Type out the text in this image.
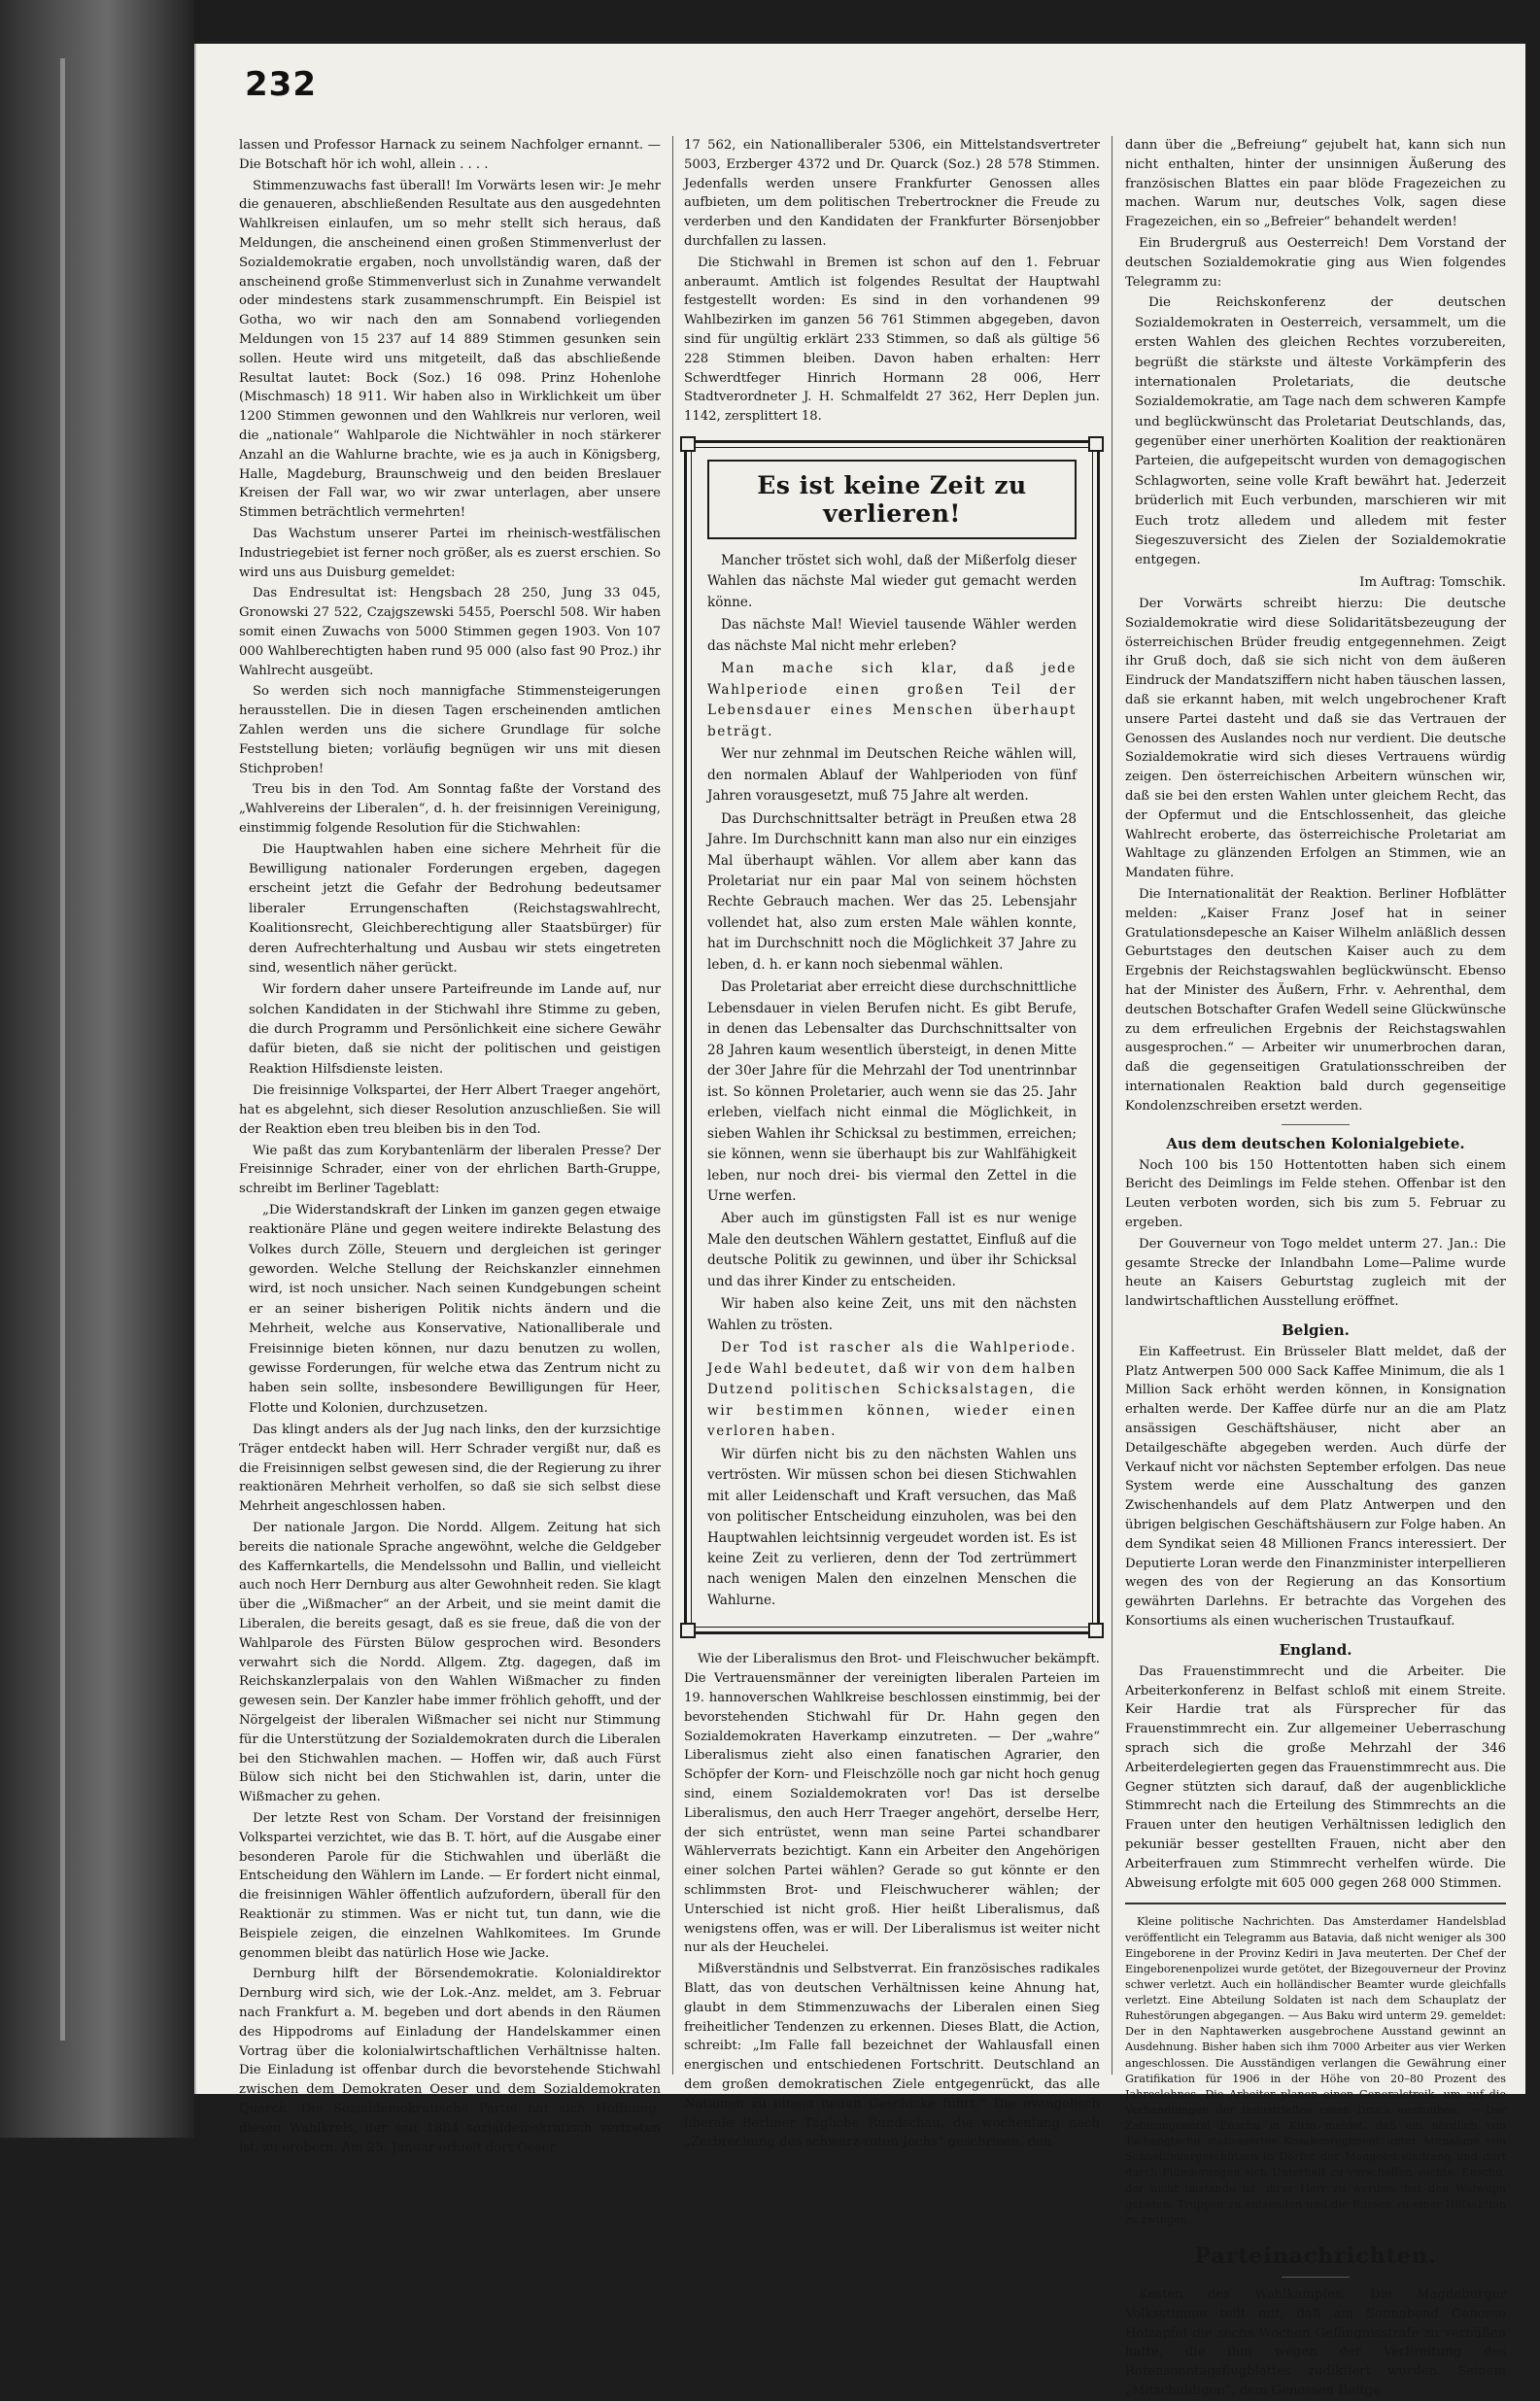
232

lassen und Professor Harnack zu seinem Nachfolger ernannt. — Die Botschaft hör ich wohl, allein . . . .

Stimmenzuwachs fast überall! Im Vorwärts lesen wir: Je mehr die genaueren, abschließenden Resultate aus den ausgedehnten Wahlkreisen einlaufen, um so mehr stellt sich heraus, daß Meldungen, die anscheinend einen großen Stimmenverlust der Sozialdemokratie ergaben, noch unvollständig waren, daß der anscheinend große Stimmenverlust sich in Zunahme verwandelt oder mindestens stark zusammenschrumpft. Ein Beispiel ist Gotha, wo wir nach den am Sonnabend vorliegenden Meldungen von 15 237 auf 14 889 Stimmen gesunken sein sollen. Heute wird uns mitgeteilt, daß das abschließende Resultat lautet: Bock (Soz.) 16 098. Prinz Hohenlohe (Mischmasch) 18 911. Wir haben also in Wirklichkeit um über 1200 Stimmen gewonnen und den Wahlkreis nur verloren, weil die „nationale“ Wahlparole die Nichtwähler in noch stärkerer Anzahl an die Wahlurne brachte, wie es ja auch in Königsberg, Halle, Magdeburg, Braunschweig und den beiden Breslauer Kreisen der Fall war, wo wir zwar unterlagen, aber unsere Stimmen beträchtlich vermehrten!

Das Wachstum unserer Partei im rheinisch-westfälischen Industriegebiet ist ferner noch größer, als es zuerst erschien. So wird uns aus Duisburg gemeldet:

Das Endresultat ist: Hengsbach 28 250, Jung 33 045, Gronowski 27 522, Czajgszewski 5455, Poerschl 508. Wir haben somit einen Zuwachs von 5000 Stimmen gegen 1903. Von 107 000 Wahlberechtigten haben rund 95 000 (also fast 90 Proz.) ihr Wahlrecht ausgeübt.

So werden sich noch mannigfache Stimmensteigerungen herausstellen. Die in diesen Tagen erscheinenden amtlichen Zahlen werden uns die sichere Grundlage für solche Feststellung bieten; vorläufig begnügen wir uns mit diesen Stichproben!

Treu bis in den Tod. Am Sonntag faßte der Vorstand des „Wahlvereins der Liberalen“, d. h. der freisinnigen Vereinigung, einstimmig folgende Resolution für die Stichwahlen:

Die Hauptwahlen haben eine sichere Mehrheit für die Bewilligung nationaler Forderungen ergeben, dagegen erscheint jetzt die Gefahr der Bedrohung bedeutsamer liberaler Errungenschaften (Reichstagswahlrecht, Koalitionsrecht, Gleichberechtigung aller Staatsbürger) für deren Aufrechterhaltung und Ausbau wir stets eingetreten sind, wesentlich näher gerückt.

Wir fordern daher unsere Parteifreunde im Lande auf, nur solchen Kandidaten in der Stichwahl ihre Stimme zu geben, die durch Programm und Persönlichkeit eine sichere Gewähr dafür bieten, daß sie nicht der politischen und geistigen Reaktion Hilfsdienste leisten.

Die freisinnige Volkspartei, der Herr Albert Traeger angehört, hat es abgelehnt, sich dieser Resolution anzuschließen. Sie will der Reaktion eben treu bleiben bis in den Tod.

Wie paßt das zum Korybantenlärm der liberalen Presse? Der Freisinnige Schrader, einer von der ehrlichen Barth-Gruppe, schreibt im Berliner Tageblatt:

„Die Widerstandskraft der Linken im ganzen gegen etwaige reaktionäre Pläne und gegen weitere indirekte Belastung des Volkes durch Zölle, Steuern und dergleichen ist geringer geworden. Welche Stellung der Reichskanzler einnehmen wird, ist noch unsicher. Nach seinen Kundgebungen scheint er an seiner bisherigen Politik nichts ändern und die Mehrheit, welche aus Konservative, Nationalliberale und Freisinnige bieten können, nur dazu benutzen zu wollen, gewisse Forderungen, für welche etwa das Zentrum nicht zu haben sein sollte, insbesondere Bewilligungen für Heer, Flotte und Kolonien, durchzusetzen.

Das klingt anders als der Jug nach links, den der kurzsichtige Träger entdeckt haben will. Herr Schrader vergißt nur, daß es die Freisinnigen selbst gewesen sind, die der Regierung zu ihrer reaktionären Mehrheit verholfen, so daß sie sich selbst diese Mehrheit angeschlossen haben.

Der nationale Jargon. Die Nordd. Allgem. Zeitung hat sich bereits die nationale Sprache angewöhnt, welche die Geldgeber des Kaffernkartells, die Mendelssohn und Ballin, und vielleicht auch noch Herr Dernburg aus alter Gewohnheit reden. Sie klagt über die „Wißmacher“ an der Arbeit, und sie meint damit die Liberalen, die bereits gesagt, daß es sie freue, daß die von der Wahlparole des Fürsten Bülow gesprochen wird. Besonders verwahrt sich die Nordd. Allgem. Ztg. dagegen, daß im Reichskanzlerpalais von den Wahlen Wißmacher zu finden gewesen sein. Der Kanzler habe immer fröhlich gehofft, und der Nörgelgeist der liberalen Wißmacher sei nicht nur Stimmung für die Unterstützung der Sozialdemokraten durch die Liberalen bei den Stichwahlen machen. — Hoffen wir, daß auch Fürst Bülow sich nicht bei den Stichwahlen ist, darin, unter die Wißmacher zu gehen.

Der letzte Rest von Scham. Der Vorstand der freisinnigen Volkspartei verzichtet, wie das B. T. hört, auf die Ausgabe einer besonderen Parole für die Stichwahlen und überläßt die Entscheidung den Wählern im Lande. — Er fordert nicht einmal, die freisinnigen Wähler öffentlich aufzufordern, überall für den Reaktionär zu stimmen. Was er nicht tut, tun dann, wie die Beispiele zeigen, die einzelnen Wahlkomitees. Im Grunde genommen bleibt das natürlich Hose wie Jacke.

Dernburg hilft der Börsendemokratie. Kolonialdirektor Dernburg wird sich, wie der Lok.-Anz. meldet, am 3. Februar nach Frankfurt a. M. begeben und dort abends in den Räumen des Hippodroms auf Einladung der Handelskammer einen Vortrag über die kolonialwirtschaftlichen Verhältnisse halten. Die Einladung ist offenbar durch die bevorstehende Stichwahl zwischen dem Demokraten Oeser und dem Sozialdemokraten Quarck. Die Sozialdemokratische Partei hat sich Hoffnung, diesen Wahlkreis, der seit 1884 sozialdemokratisch vertreten ist, zu erobern. Am 25. Januar erhielt dort Oeser

17 562, ein Nationalliberaler 5306, ein Mittelstandsvertreter 5003, Erzberger 4372 und Dr. Quarck (Soz.) 28 578 Stimmen. Jedenfalls werden unsere Frankfurter Genossen alles aufbieten, um dem politischen Trebertrockner die Freude zu verderben und den Kandidaten der Frankfurter Börsenjobber durchfallen zu lassen.

Die Stichwahl in Bremen ist schon auf den 1. Februar anberaumt. Amtlich ist folgendes Resultat der Hauptwahl festgestellt worden: Es sind in den vorhandenen 99 Wahlbezirken im ganzen 56 761 Stimmen abgegeben, davon sind für ungültig erklärt 233 Stimmen, so daß als gültige 56 228 Stimmen bleiben. Davon haben erhalten: Herr Schwerdtfeger Hinrich Hormann 28 006, Herr Stadtverordneter J. H. Schmalfeldt 27 362, Herr Deplen jun. 1142, zersplittert 18.

Es ist keine Zeit zu verlieren!

Mancher tröstet sich wohl, daß der Mißerfolg dieser Wahlen das nächste Mal wieder gut gemacht werden könne.

Das nächste Mal! Wieviel tausende Wähler werden das nächste Mal nicht mehr erleben?

Man mache sich klar, daß jede Wahlperiode einen großen Teil der Lebensdauer eines Menschen überhaupt beträgt.

Wer nur zehnmal im Deutschen Reiche wählen will, den normalen Ablauf der Wahlperioden von fünf Jahren vorausgesetzt, muß 75 Jahre alt werden.

Das Durchschnittsalter beträgt in Preußen etwa 28 Jahre. Im Durchschnitt kann man also nur ein einziges Mal überhaupt wählen. Vor allem aber kann das Proletariat nur ein paar Mal von seinem höchsten Rechte Gebrauch machen. Wer das 25. Lebensjahr vollendet hat, also zum ersten Male wählen konnte, hat im Durchschnitt noch die Möglichkeit 37 Jahre zu leben, d. h. er kann noch siebenmal wählen.

Das Proletariat aber erreicht diese durchschnittliche Lebensdauer in vielen Berufen nicht. Es gibt Berufe, in denen das Lebensalter das Durchschnittsalter von 28 Jahren kaum wesentlich übersteigt, in denen Mitte der 30er Jahre für die Mehrzahl der Tod unentrinnbar ist. So können Proletarier, auch wenn sie das 25. Jahr erleben, vielfach nicht einmal die Möglichkeit, in sieben Wahlen ihr Schicksal zu bestimmen, erreichen; sie können, wenn sie überhaupt bis zur Wahlfähigkeit leben, nur noch drei- bis viermal den Zettel in die Urne werfen.

Aber auch im günstigsten Fall ist es nur wenige Male den deutschen Wählern gestattet, Einfluß auf die deutsche Politik zu gewinnen, und über ihr Schicksal und das ihrer Kinder zu entscheiden.

Wir haben also keine Zeit, uns mit den nächsten Wahlen zu trösten.

Der Tod ist rascher als die Wahlperiode. Jede Wahl bedeutet, daß wir von dem halben Dutzend politischen Schicksalstagen, die wir bestimmen können, wieder einen verloren haben.

Wir dürfen nicht bis zu den nächsten Wahlen uns vertrösten. Wir müssen schon bei diesen Stichwahlen mit aller Leidenschaft und Kraft versuchen, das Maß von politischer Entscheidung einzuholen, was bei den Hauptwahlen leichtsinnig vergeudet worden ist. Es ist keine Zeit zu verlieren, denn der Tod zertrümmert nach wenigen Malen den einzelnen Menschen die Wahlurne.

Wie der Liberalismus den Brot- und Fleischwucher bekämpft. Die Vertrauensmänner der vereinigten liberalen Parteien im 19. hannoverschen Wahlkreise beschlossen einstimmig, bei der bevorstehenden Stichwahl für Dr. Hahn gegen den Sozialdemokraten Haverkamp einzutreten. — Der „wahre“ Liberalismus zieht also einen fanatischen Agrarier, den Schöpfer der Korn- und Fleischzölle noch gar nicht hoch genug sind, einem Sozialdemokraten vor! Das ist derselbe Liberalismus, den auch Herr Traeger angehört, derselbe Herr, der sich entrüstet, wenn man seine Partei schandbarer Wählerverrats bezichtigt. Kann ein Arbeiter den Angehörigen einer solchen Partei wählen? Gerade so gut könnte er den schlimmsten Brot- und Fleischwucherer wählen; der Unterschied ist nicht groß. Hier heißt Liberalismus, daß wenigstens offen, was er will. Der Liberalismus ist weiter nicht nur als der Heuchelei.

Mißverständnis und Selbstverrat. Ein französisches radikales Blatt, das von deutschen Verhältnissen keine Ahnung hat, glaubt in dem Stimmenzuwachs der Liberalen einen Sieg freiheitlicher Tendenzen zu erkennen. Dieses Blatt, die Action, schreibt: „Im Falle fall bezeichnet der Wahlausfall einen energischen und entschiedenen Fortschritt. Deutschland an dem großen demokratischen Ziele entgegenrückt, das alle Nationen zu einem neuen Geschicke führt.“ Die evangelisch liberale Berliner Tägliche Rundschau, die wochenlang nach „Zerbrechung des schwarz-roten Jochs“ geschrieen, den

dann über die „Befreiung“ gejubelt hat, kann sich nun nicht enthalten, hinter der unsinnigen Äußerung des französischen Blattes ein paar blöde Fragezeichen zu machen. Warum nur, deutsches Volk, sagen diese Fragezeichen, ein so „Befreier“ behandelt werden!

Ein Brudergruß aus Oesterreich! Dem Vorstand der deutschen Sozialdemokratie ging aus Wien folgendes Telegramm zu:

Die Reichskonferenz der deutschen Sozialdemokraten in Oesterreich, versammelt, um die ersten Wahlen des gleichen Rechtes vorzubereiten, begrüßt die stärkste und älteste Vorkämpferin des internationalen Proletariats, die deutsche Sozialdemokratie, am Tage nach dem schweren Kampfe und beglückwünscht das Proletariat Deutschlands, das, gegenüber einer unerhörten Koalition der reaktionären Parteien, die aufgepeitscht wurden von demagogischen Schlagworten, seine volle Kraft bewährt hat. Jederzeit brüderlich mit Euch verbunden, marschieren wir mit Euch trotz alledem und alledem mit fester Siegeszuversicht des Zielen der Sozialdemokratie entgegen.

Im Auftrag: Tomschik.

Der Vorwärts schreibt hierzu: Die deutsche Sozialdemokratie wird diese Solidaritätsbezeugung der österreichischen Brüder freudig entgegennehmen. Zeigt ihr Gruß doch, daß sie sich nicht von dem äußeren Eindruck der Mandatsziffern nicht haben täuschen lassen, daß sie erkannt haben, mit welch ungebrochener Kraft unsere Partei dasteht und daß sie das Vertrauen der Genossen des Auslandes noch nur verdient. Die deutsche Sozialdemokratie wird sich dieses Vertrauens würdig zeigen. Den österreichischen Arbeitern wünschen wir, daß sie bei den ersten Wahlen unter gleichem Recht, das der Opfermut und die Entschlossenheit, das gleiche Wahlrecht eroberte, das österreichische Proletariat am Wahltage zu glänzenden Erfolgen an Stimmen, wie an Mandaten führe.

Die Internationalität der Reaktion. Berliner Hofblätter melden: „Kaiser Franz Josef hat in seiner Gratulationsdepesche an Kaiser Wilhelm anläßlich dessen Geburtstages den deutschen Kaiser auch zu dem Ergebnis der Reichstagswahlen beglückwünscht. Ebenso hat der Minister des Äußern, Frhr. v. Aehrenthal, dem deutschen Botschafter Grafen Wedell seine Glückwünsche zu dem erfreulichen Ergebnis der Reichstagswahlen ausgesprochen.“ — Arbeiter wir unumerbrochen daran, daß die gegenseitigen Gratulationsschreiben der internationalen Reaktion bald durch gegenseitige Kondolenzschreiben ersetzt werden.

Aus dem deutschen Kolonialgebiete.

Noch 100 bis 150 Hottentotten haben sich einem Bericht des Deimlings im Felde stehen. Offenbar ist den Leuten verboten worden, sich bis zum 5. Februar zu ergeben.

Der Gouverneur von Togo meldet unterm 27. Jan.: Die gesamte Strecke der Inlandbahn Lome—Palime wurde heute an Kaisers Geburtstag zugleich mit der landwirtschaftlichen Ausstellung eröffnet.

Belgien.

Ein Kaffeetrust. Ein Brüsseler Blatt meldet, daß der Platz Antwerpen 500 000 Sack Kaffee Minimum, die als 1 Million Sack erhöht werden können, in Konsignation erhalten werde. Der Kaffee dürfe nur an die am Platz ansässigen Geschäftshäuser, nicht aber an Detailgeschäfte abgegeben werden. Auch dürfe der Verkauf nicht vor nächsten September erfolgen. Das neue System werde eine Ausschaltung des ganzen Zwischenhandels auf dem Platz Antwerpen und den übrigen belgischen Geschäftshäusern zur Folge haben. An dem Syndikat seien 48 Millionen Francs interessiert. Der Deputierte Loran werde den Finanzminister interpellieren wegen des von der Regierung an das Konsortium gewährten Darlehns. Er betrachte das Vorgehen des Konsortiums als einen wucherischen Trustaufkauf.

England.

Das Frauenstimmrecht und die Arbeiter. Die Arbeiterkonferenz in Belfast schloß mit einem Streite. Keir Hardie trat als Fürsprecher für das Frauenstimmrecht ein. Zur allgemeiner Ueberraschung sprach sich die große Mehrzahl der 346 Arbeiterdelegierten gegen das Frauenstimmrecht aus. Die Gegner stützten sich darauf, daß der augenblickliche Stimmrecht nach die Erteilung des Stimmrechts an die Frauen unter den heutigen Verhältnissen lediglich den pekuniär besser gestellten Frauen, nicht aber den Arbeiterfrauen zum Stimmrecht verhelfen würde. Die Abweisung erfolgte mit 605 000 gegen 268 000 Stimmen.

Kleine politische Nachrichten. Das Amsterdamer Handelsblad veröffentlicht ein Telegramm aus Batavia, daß nicht weniger als 300 Eingeborene in der Provinz Kediri in Java meuterten. Der Chef der Eingeborenenpolizei wurde getötet, der Bizegouverneur der Provinz schwer verletzt. Auch ein holländischer Beamter wurde gleichfalls verletzt. Eine Abteilung Soldaten ist nach dem Schauplatz der Ruhestörungen abgegangen. — Aus Baku wird unterm 29. gemeldet: Der in den Naphtawerken ausgebrochene Ausstand gewinnt an Ausdehnung. Bisher haben sich ihm 7000 Arbeiter aus vier Werken angeschlossen. Die Ausständigen verlangen die Gewährung einer Gratifikation für 1906 in der Höhe von 20–80 Prozent des Jahreslohnes. Die Arbeiter planen einen Generalstreik, um auf die Verhandlungen der Industriellen einen Druck auszuüben. — Der Zatarengeneral Enschu in Kirin meldet, daß ein nördlich von Tschangtschu stationiertes Kosakenregiment unter Mitnahme von Schnellfeuergeschützen in Dörfer der Mongolei eindrang und dort durch Plünderungen sich Unterhalt zu verschaffen suchte. Enschu, der nicht imstande ist, ihrer Herr zu werden, hat den Waiwupu gebeten, Truppen zu entsenden und die Russen zu einer Hilfsaktion zu zwingen.

Parteinachrichten.

Kosten des Wahlkampfes. Die Magdeburger Volksstimme teilt mit, daß am Sonnabend Genosse Holzapfel die sechs Wochen Gefängnisstrafe zu verbüßen hatte, die ihm wegen der Verbreitung des Rotensonntagsflugblattes zudiktiert wurden. Seinem „Mitschuldigen“, dem Genossen Beitge
